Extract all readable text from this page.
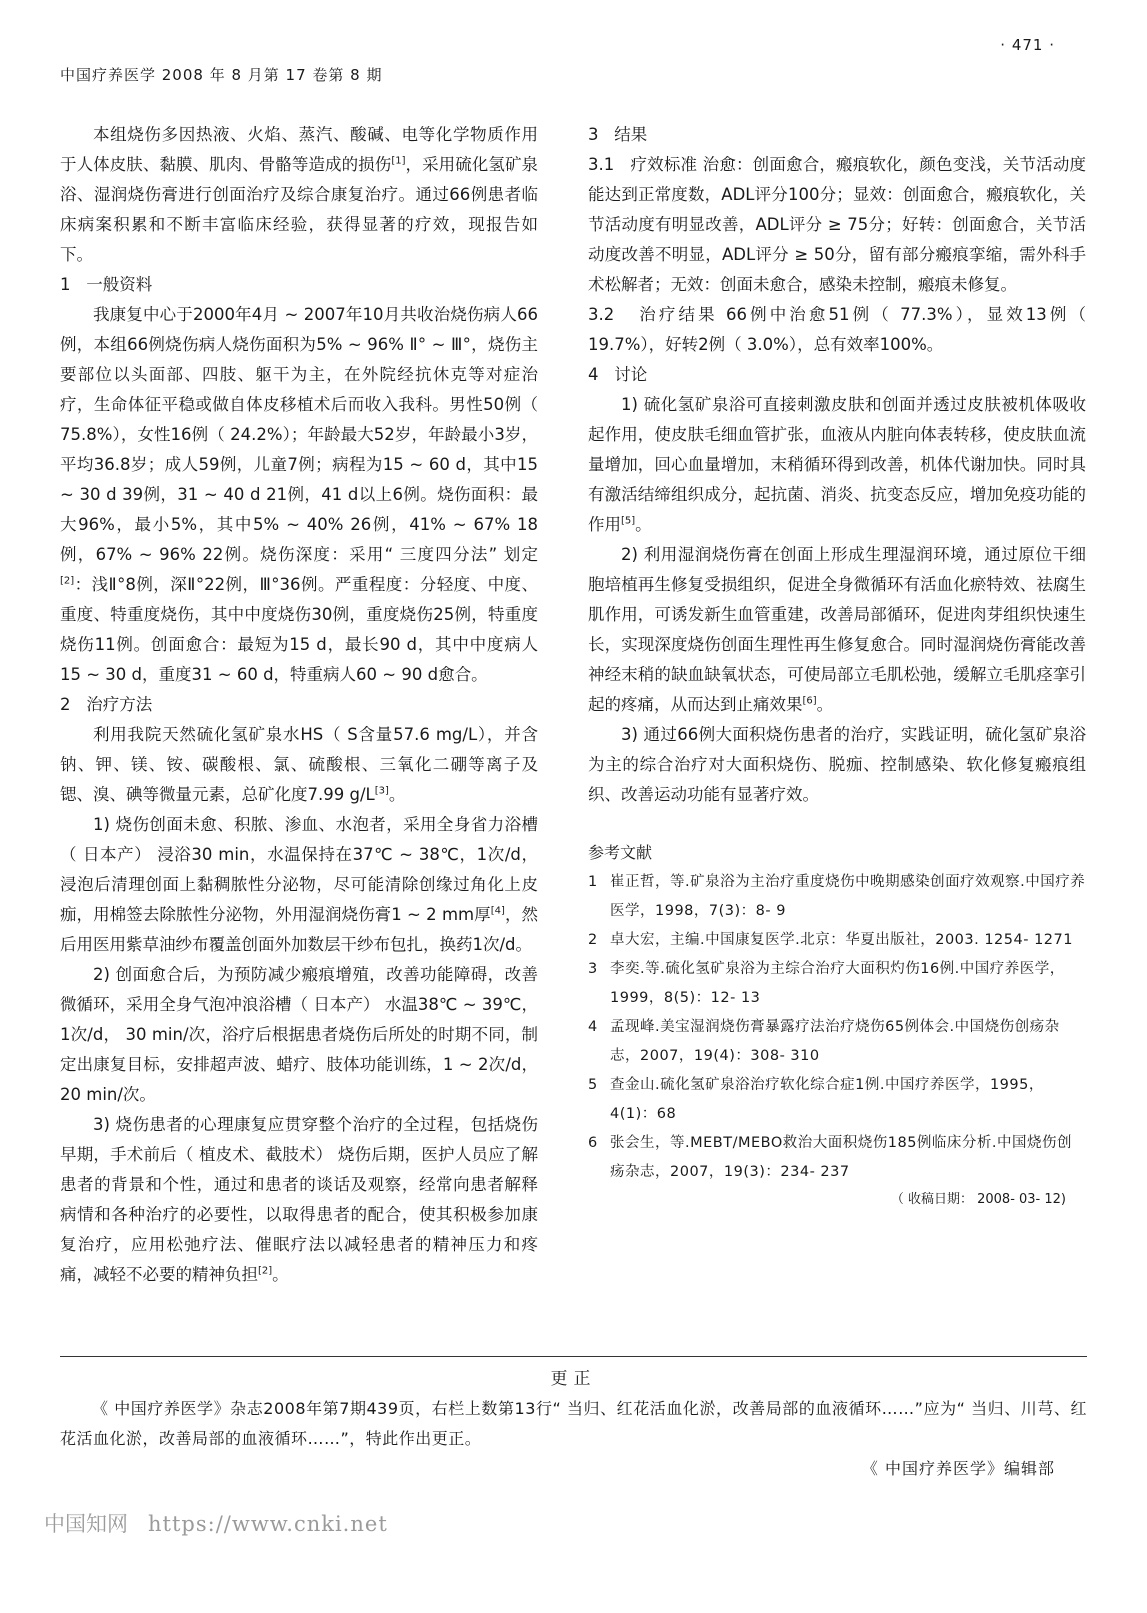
· 471 ·
中国疗养医学 2008 年 8 月第 17 卷第 8 期

本组烧伤多因热液、火焰、蒸汽、酸碱、电等化学物质作用于人体皮肤、黏膜、肌肉、骨骼等造成的损伤[1]，采用硫化氢矿泉浴、湿润烧伤膏进行创面治疗及综合康复治疗。通过66例患者临床病案积累和不断丰富临床经验，获得显著的疗效，现报告如下。

1   一般资料

我康复中心于2000年4月 ~ 2007年10月共收治烧伤病人66例，本组66例烧伤病人烧伤面积为5% ~ 96% Ⅱ° ~ Ⅲ°，烧伤主要部位以头面部、四肢、躯干为主，在外院经抗休克等对症治疗，生命体征平稳或做自体皮移植术后而收入我科。男性50例（ 75.8%），女性16例（ 24.2%）；年龄最大52岁，年龄最小3岁，平均36.8岁；成人59例，儿童7例；病程为15 ~ 60 d，其中15 ~ 30 d 39例，31 ~ 40 d 21例，41 d以上6例。烧伤面积：最大96%，最小5%，其中5% ~ 40% 26例，41% ~ 67% 18例，67% ~ 96% 22例。烧伤深度：采用“ 三度四分法” 划定[2]：浅Ⅱ°8例，深Ⅱ°22例，Ⅲ°36例。严重程度：分轻度、中度、重度、特重度烧伤，其中中度烧伤30例，重度烧伤25例，特重度烧伤11例。创面愈合：最短为15 d，最长90 d，其中中度病人15 ~ 30 d，重度31 ~ 60 d，特重病人60 ~ 90 d愈合。

2   治疗方法

利用我院天然硫化氢矿泉水HS（ S含量57.6 mg/L），并含钠、钾、镁、铵、碳酸根、氯、硫酸根、三氧化二硼等离子及锶、溴、碘等微量元素，总矿化度7.99 g/L[3]。

1) 烧伤创面未愈、积脓、渗血、水泡者，采用全身省力浴槽（ 日本产） 浸浴30 min，水温保持在37℃ ~ 38℃，1次/d，浸泡后清理创面上黏稠脓性分泌物，尽可能清除创缘过角化上皮痂，用棉签去除脓性分泌物，外用湿润烧伤膏1 ~ 2 mm厚[4]，然后用医用紫草油纱布覆盖创面外加数层干纱布包扎，换药1次/d。

2) 创面愈合后，为预防减少瘢痕增殖，改善功能障碍，改善微循环，采用全身气泡冲浪浴槽（ 日本产） 水温38℃ ~ 39℃，1次/d， 30 min/次，浴疗后根据患者烧伤后所处的时期不同，制定出康复目标，安排超声波、蜡疗、肢体功能训练，1 ~ 2次/d，20 min/次。

3) 烧伤患者的心理康复应贯穿整个治疗的全过程，包括烧伤早期，手术前后（ 植皮术、截肢术） 烧伤后期，医护人员应了解患者的背景和个性，通过和患者的谈话及观察，经常向患者解释病情和各种治疗的必要性，以取得患者的配合，使其积极参加康复治疗，应用松弛疗法、催眠疗法以减轻患者的精神压力和疼痛，减轻不必要的精神负担[2]。

3   结果

3.1   疗效标准 治愈：创面愈合，瘢痕软化，颜色变浅，关节活动度能达到正常度数，ADL评分100分；显效：创面愈合，瘢痕软化，关节活动度有明显改善，ADL评分 ≥ 75分；好转：创面愈合，关节活动度改善不明显，ADL评分 ≥ 50分，留有部分瘢痕挛缩，需外科手术松解者；无效：创面未愈合，感染未控制，瘢痕未修复。

3.2   治疗结果 66例中治愈51例（ 77.3%），显效13例（ 19.7%），好转2例（ 3.0%），总有效率100%。

4   讨论

1) 硫化氢矿泉浴可直接刺激皮肤和创面并透过皮肤被机体吸收起作用，使皮肤毛细血管扩张，血液从内脏向体表转移，使皮肤血流量增加，回心血量增加，末稍循环得到改善，机体代谢加快。同时具有激活结缔组织成分，起抗菌、消炎、抗变态反应，增加免疫功能的作用[5]。

2) 利用湿润烧伤膏在创面上形成生理湿润环境，通过原位干细胞培植再生修复受损组织，促进全身微循环有活血化瘀特效、祛腐生肌作用，可诱发新生血管重建，改善局部循环，促进肉芽组织快速生长，实现深度烧伤创面生理性再生修复愈合。同时湿润烧伤膏能改善神经末稍的缺血缺氧状态，可使局部立毛肌松弛，缓解立毛肌痉挛引起的疼痛，从而达到止痛效果[6]。

3) 通过66例大面积烧伤患者的治疗，实践证明，硫化氢矿泉浴为主的综合治疗对大面积烧伤、脱痂、控制感染、软化修复瘢痕组织、改善运动功能有显著疗效。

参考文献
1 崔正哲，等.矿泉浴为主治疗重度烧伤中晚期感染创面疗效观察.中国疗养医学，1998，7(3)：8- 9
2 卓大宏，主编.中国康复医学.北京：华夏出版社，2003. 1254- 1271
3 李奕.等.硫化氢矿泉浴为主综合治疗大面积灼伤16例.中国疗养医学，1999，8(5)：12- 13
4 孟现峰.美宝湿润烧伤膏暴露疗法治疗烧伤65例体会.中国烧伤创疡杂志，2007，19(4)：308- 310
5 查金山.硫化氢矿泉浴治疗软化综合症1例.中国疗养医学，1995，4(1)：68
6 张会生，等.MEBT/MEBO救治大面积烧伤185例临床分析.中国烧伤创疡杂志，2007，19(3)：234- 237
（ 收稿日期： 2008- 03- 12)
更正
《 中国疗养医学》杂志2008年第7期439页，右栏上数第13行“ 当归、红花活血化淤，改善局部的血液循环……”应为“ 当归、川芎、红花活血化淤，改善局部的血液循环……”，特此作出更正。
《 中国疗养医学》编辑部
中国知网 https://www.cnki.net
